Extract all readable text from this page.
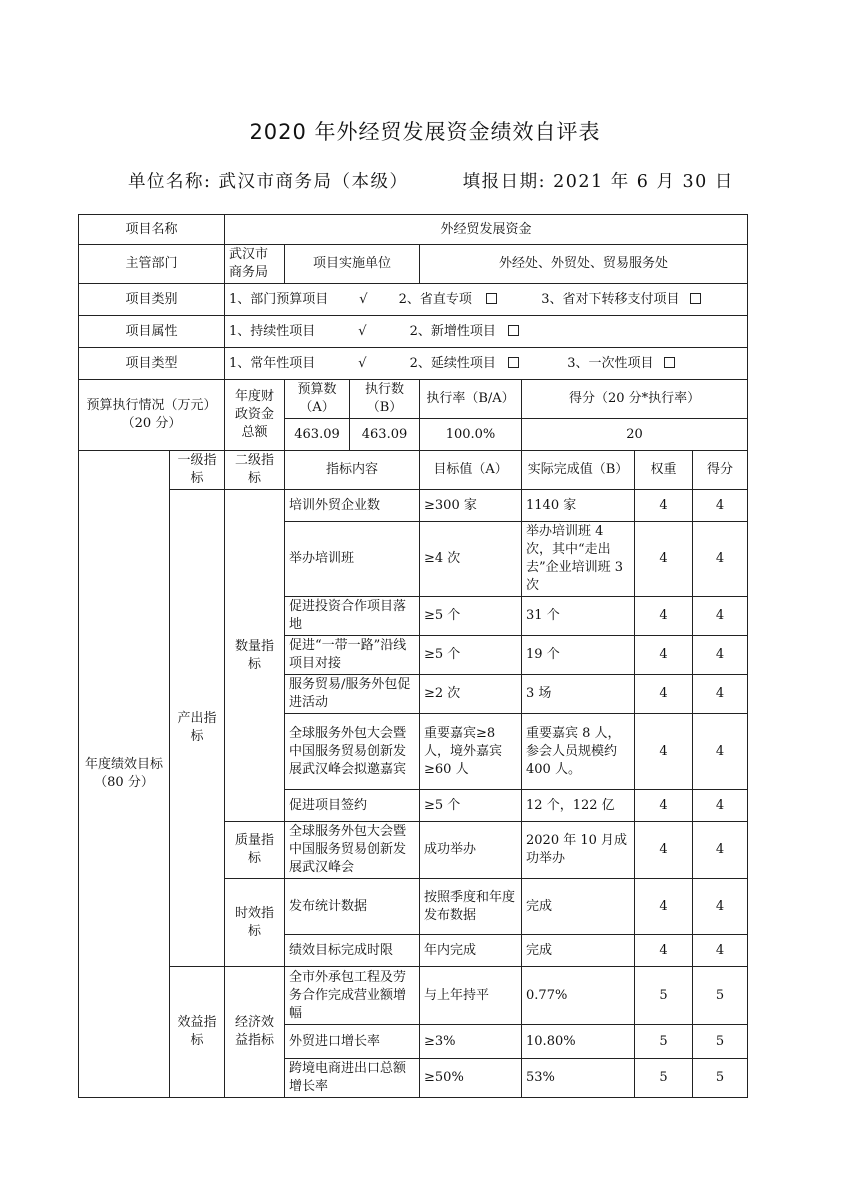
2020 年外经贸发展资金绩效自评表
单位名称: 武汉市商务局（本级）	填报日期: 2021 年 6 月 30 日
项目名称		外经贸发展资金						
主管部门		武汉市商务局	项目实施单位		外经处、外贸处、贸易服务处			
项目类别		1、部门预算项目 √ 2、省直专项 3、省对下转移支付项目						
项目属性		1、持续性项目 √ 2、新增性项目						
项目类型		1、常年性项目 √ 2、延续性项目 3、一次性项目						
预算执行情况（万元）（20 分）		年度财政资金总额	预算数（A）	执行数（B）	执行率（B/A）	得分（20 分*执行率）		
			463.09	463.09	100.0%	20		
年度绩效目标（80 分）	一级指标	二级指标	指标内容		目标值（A）	实际完成值（B）	权重	得分
	产出指标	数量指标	培训外贸企业数		≥300 家	1140 家	4	4
			举办培训班		≥4 次	举办培训班 4 次，其中“走出去”企业培训班 3 次	4	4
			促进投资合作项目落地		≥5 个	31 个	4	4
			促进“一带一路”沿线项目对接		≥5 个	19 个	4	4
			服务贸易/服务外包促进活动		≥2 次	3 场	4	4
			全球服务外包大会暨中国服务贸易创新发展武汉峰会拟邀嘉宾		重要嘉宾≥8 人，境外嘉宾≥60 人	重要嘉宾 8 人，参会人员规模约 400 人。	4	4
			促进项目签约		≥5 个	12 个，122 亿	4	4
		质量指标	全球服务外包大会暨中国服务贸易创新发展武汉峰会		成功举办	2020 年 10 月成功举办	4	4
		时效指标	发布统计数据		按照季度和年度发布数据	完成	4	4
			绩效目标完成时限		年内完成	完成	4	4
	效益指标	经济效益指标	全市外承包工程及劳务合作完成营业额增幅		与上年持平	0.77%	5	5
			外贸进口增长率		≥3%	10.80%	5	5
			跨境电商进出口总额增长率		≥50%	53%	5	5
